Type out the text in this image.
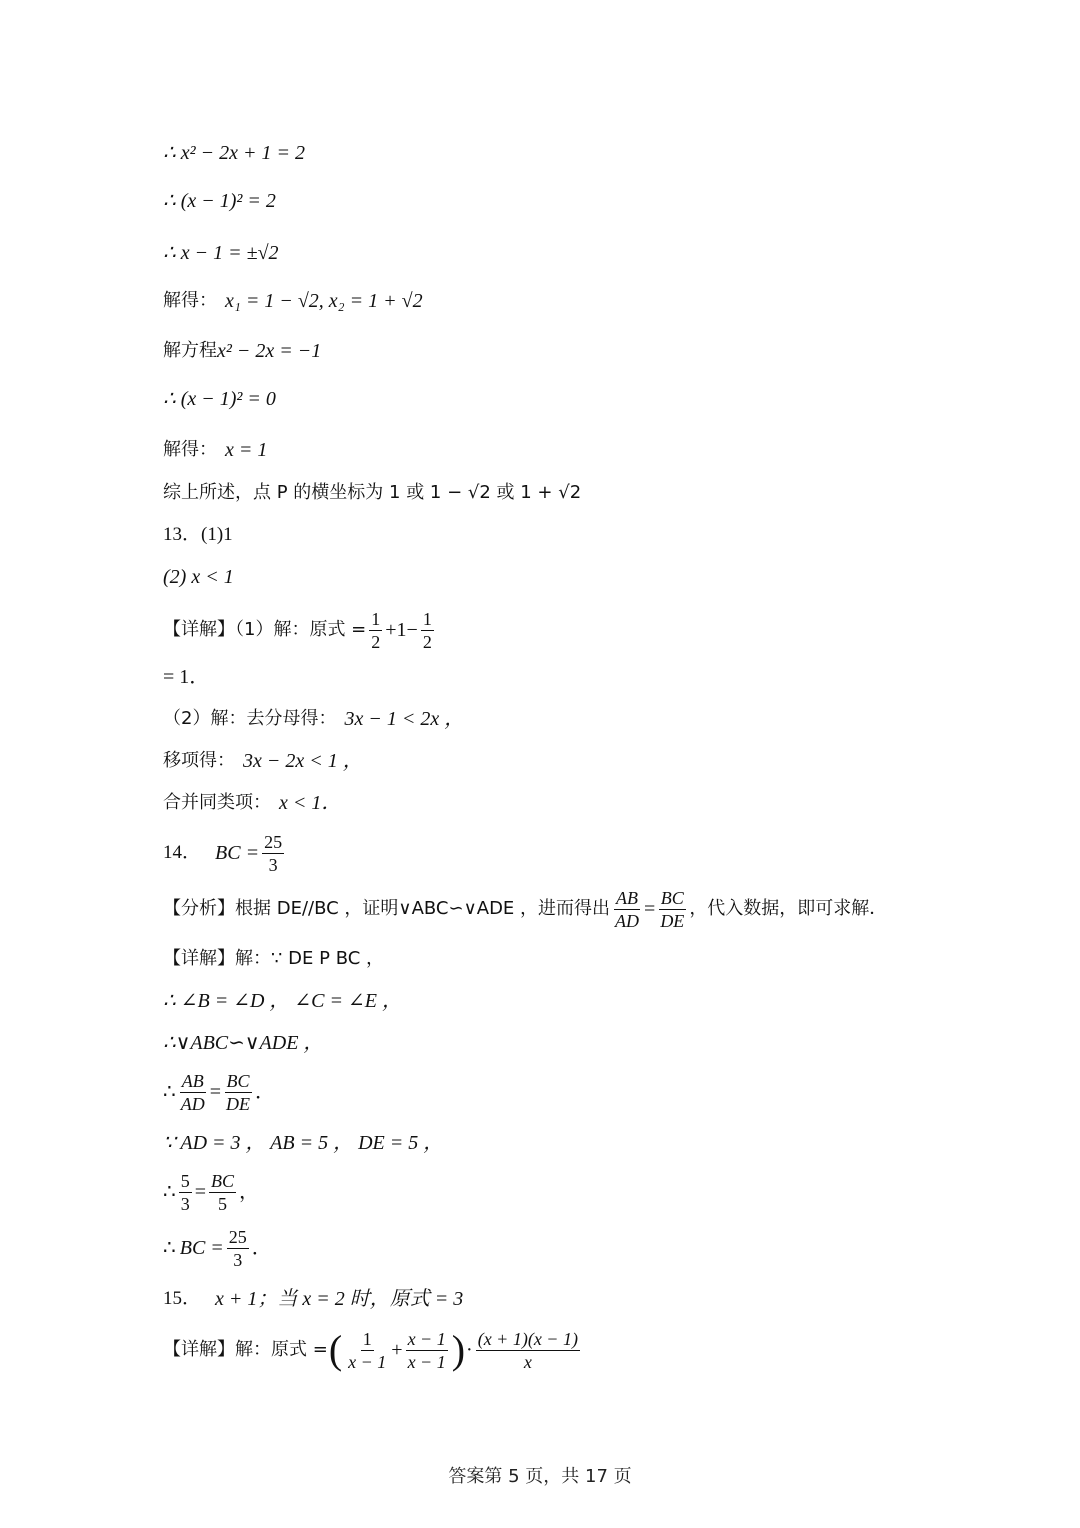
∴ x² − 2x + 1 = 2
∴ (x − 1)² = 2
∴ x − 1 = ±√2
解得： x₁ = 1 − √2, x₂ = 1 + √2
解方程 x² − 2x = −1
∴ (x − 1)² = 0
解得： x = 1
综上所述，点 P 的横坐标为 1 或 1 − √2 或 1 + √2
13．(1)1
(2) x < 1
【详解】（1）解：原式 = $\frac{1}{2} +1- \frac{1}{2}$
= 1．
（2）解：去分母得： 3x − 1 < 2x ，
移项得： 3x − 2x < 1 ，
合并同类项： x < 1．
14． BC = $\frac{25}{3}$
【分析】根据 DE//BC ，证明∨ABC∽∨ADE ，进而得出 $\frac{AB}{AD} = \frac{BC}{DE}$ ，代入数据，即可求解．
【详解】解：∵ DE P BC ，
∴ ∠B = ∠D ， ∠C = ∠E ，
∴∨ABC∽∨ADE ，
∴ $\frac{AB}{AD} = \frac{BC}{DE}$ ．
∵ AD = 3 ， AB = 5 ， DE = 5 ，
∴ $\frac{5}{3} = \frac{BC}{5}$ ，
∴ BC = $\frac{25}{3}$ ．
15． x + 1；当 x = 2 时，原式 = 3
【详解】解：原式 = ( $\frac{1}{x - 1} + \frac{x - 1}{x - 1}$ ) · $\frac{(x + 1)(x - 1)}{x}$
答案第 5 页，共 17 页
